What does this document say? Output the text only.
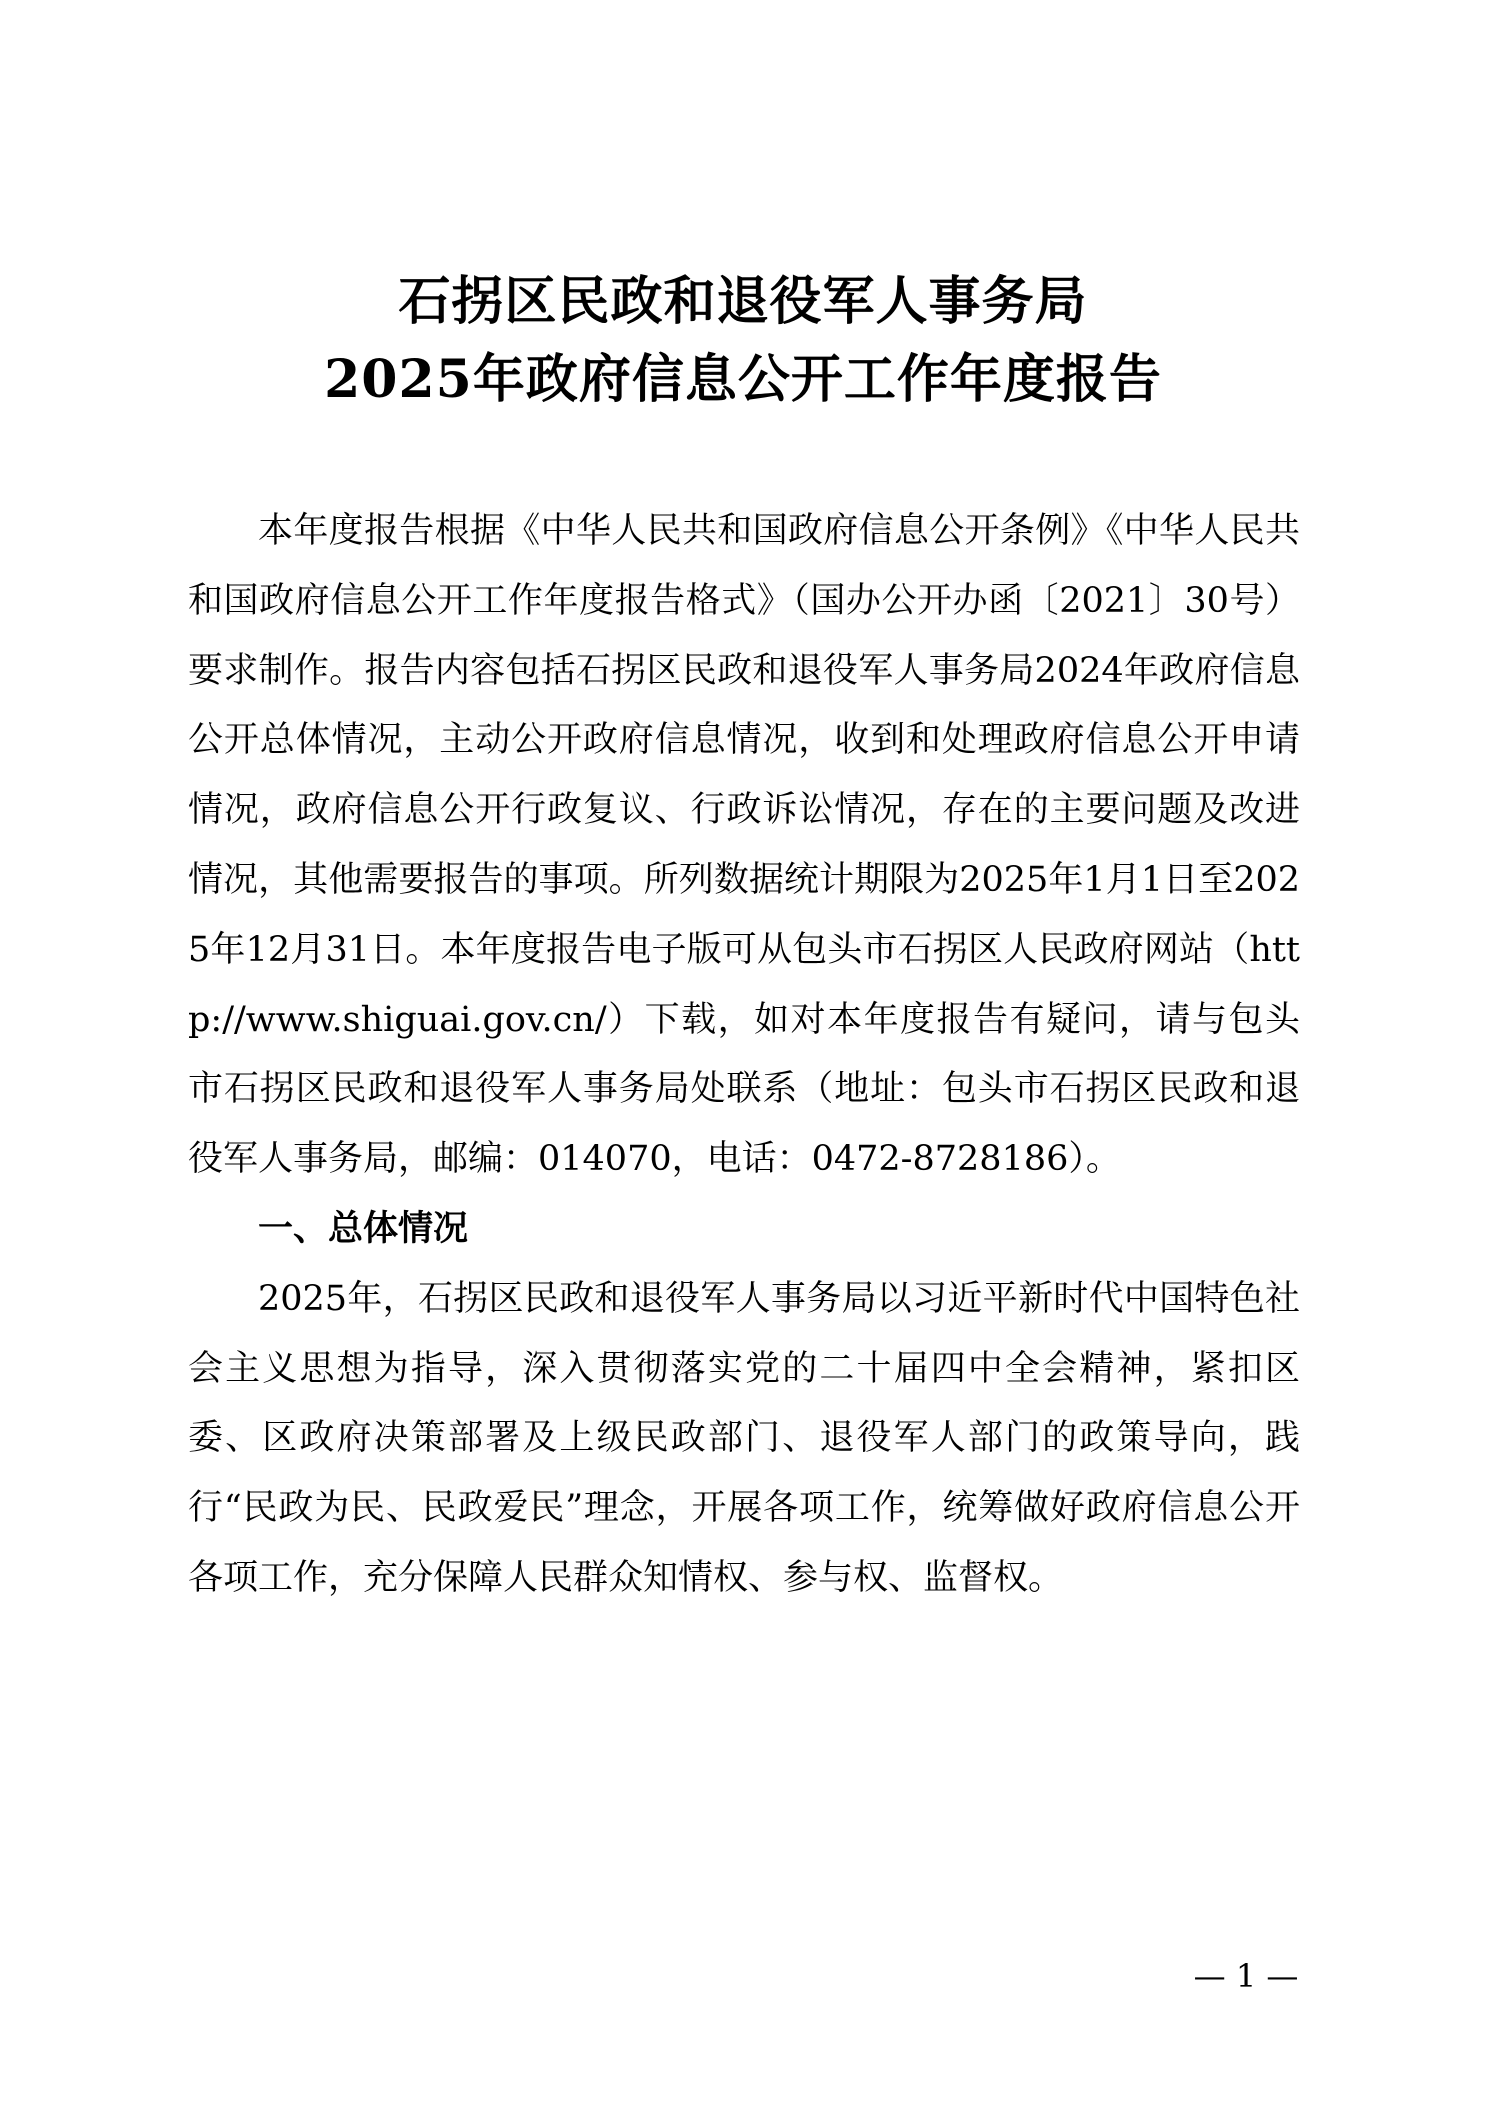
石拐区民政和退役军人事务局
2025年政府信息公开工作年度报告

本年度报告根据《中华人民共和国政府信息公开条例》《中华人民共和国政府信息公开工作年度报告格式》（国办公开办函〔2021〕30号）要求制作。报告内容包括石拐区民政和退役军人事务局2024年政府信息公开总体情况，主动公开政府信息情况，收到和处理政府信息公开申请情况，政府信息公开行政复议、行政诉讼情况，存在的主要问题及改进情况，其他需要报告的事项。所列数据统计期限为2025年1月1日至2025年12月31日。本年度报告电子版可从包头市石拐区人民政府网站（http://www.shiguai.gov.cn/）下载，如对本年度报告有疑问，请与包头市石拐区民政和退役军人事务局处联系（地址：包头市石拐区民政和退役军人事务局，邮编：014070，电话：0472-8728186）。

一、总体情况

2025年，石拐区民政和退役军人事务局以习近平新时代中国特色社会主义思想为指导，深入贯彻落实党的二十届四中全会精神，紧扣区委、区政府决策部署及上级民政部门、退役军人部门的政策导向，践行“民政为民、民政爱民”理念，开展各项工作，统筹做好政府信息公开各项工作，充分保障人民群众知情权、参与权、监督权。

— 1 —
